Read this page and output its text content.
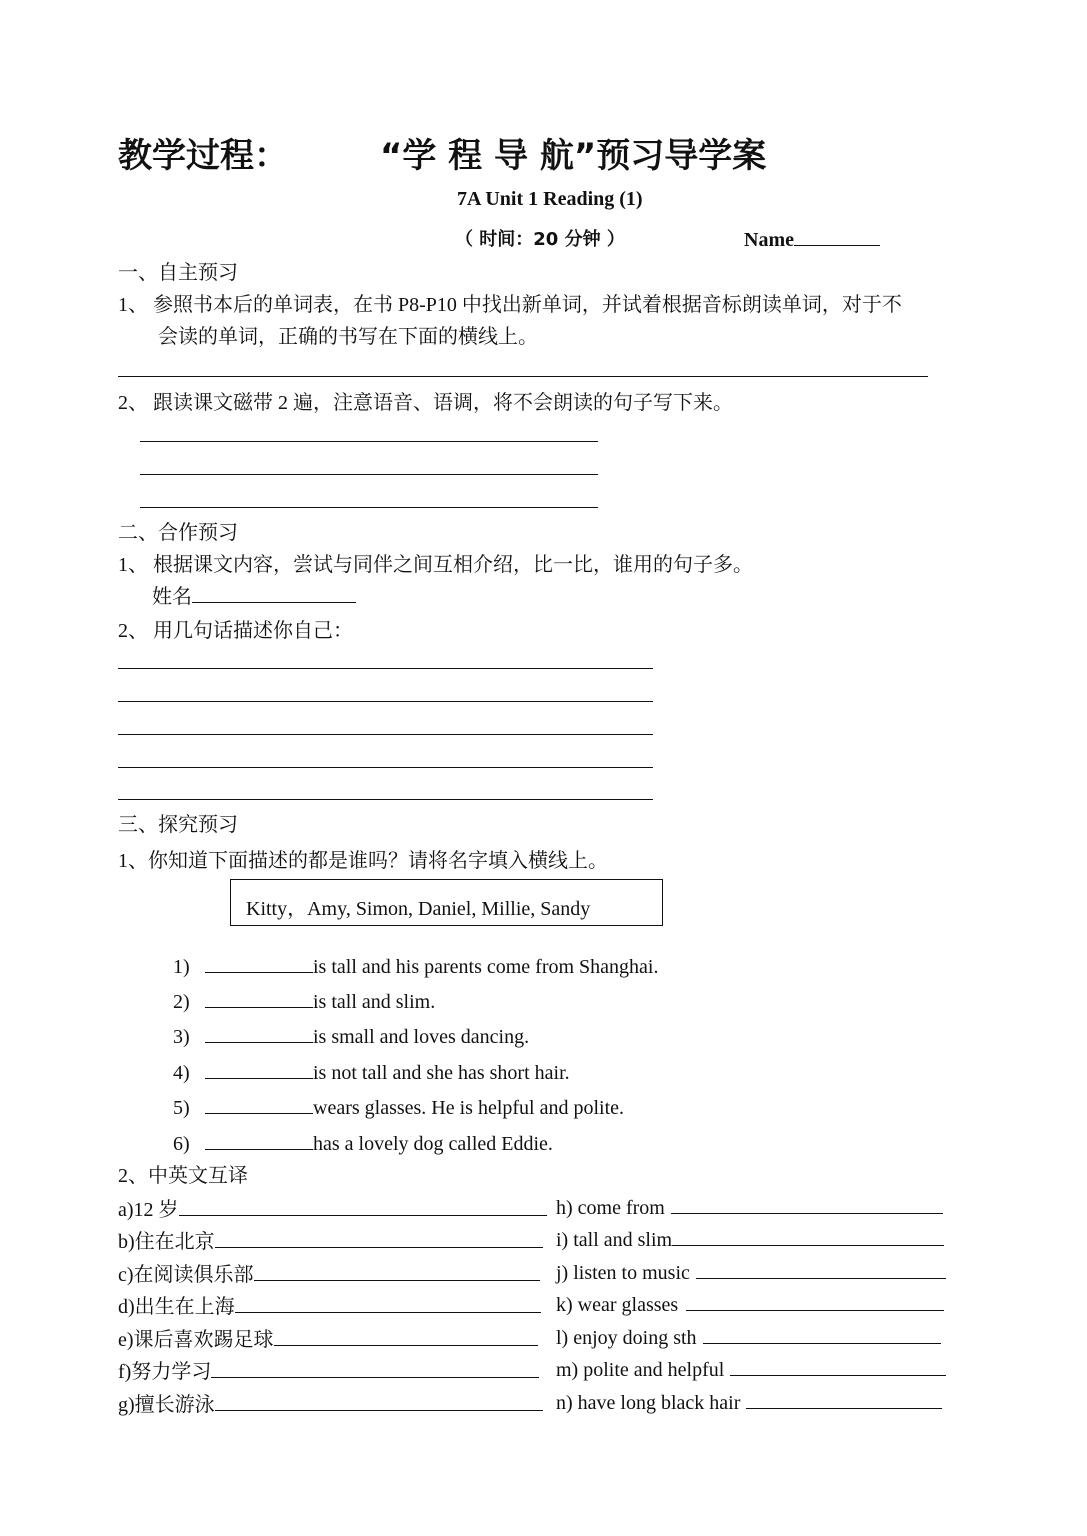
教学过程：	“学 程 导 航”预习导学案
7A Unit 1 Reading (1)
（ 时间：20 分钟 ）	Name
一、自主预习
1、 参照书本后的单词表，在书 P8-P10 中找出新单词，并试着根据音标朗读单词，对于不
会读的单词，正确的书写在下面的横线上。
2、 跟读课文磁带 2 遍，注意语音、语调，将不会朗读的句子写下来。
二、合作预习
1、 根据课文内容，尝试与同伴之间互相介绍，比一比，谁用的句子多。
姓名
2、 用几句话描述你自己：
三、探究预习
1、你知道下面描述的都是谁吗？请将名字填入横线上。
Kitty，Amy, Simon, Daniel, Millie, Sandy
1)	is tall and his parents come from Shanghai.
2)	is tall and slim.
3)	is small and loves dancing.
4)	is not tall and she has short hair.
5)	wears glasses. He is helpful and polite.
6)	has a lovely dog called Eddie.
2、中英文互译
a)12 岁
b)住在北京
c)在阅读俱乐部
d)出生在上海
e)课后喜欢踢足球
f)努力学习
g)擅长游泳
h) come from
i) tall and slim
j) listen to music
k) wear glasses
l) enjoy doing sth
m) polite and helpful
n) have long black hair
